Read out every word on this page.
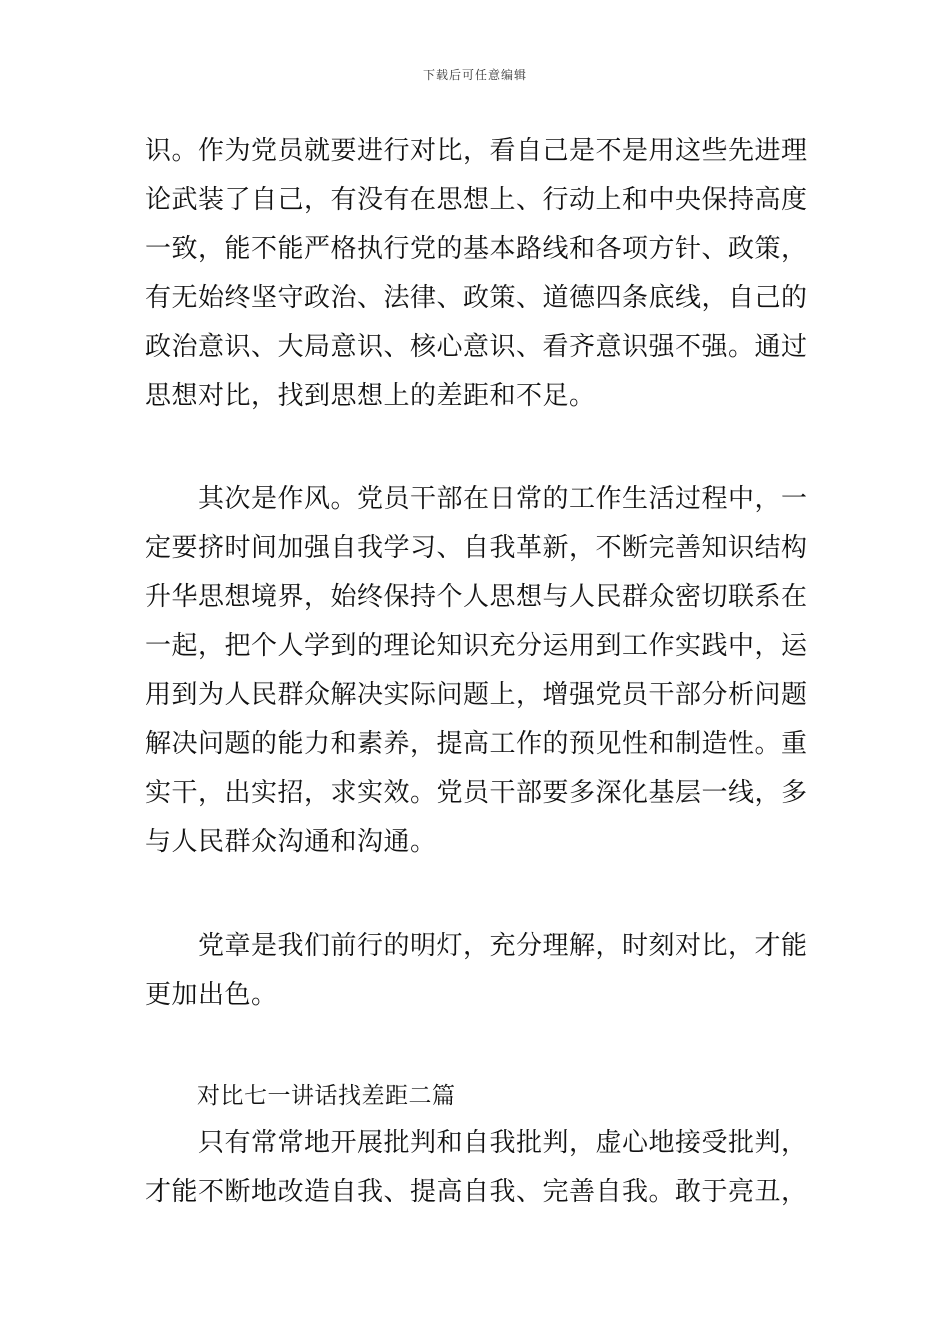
下载后可任意编辑
识。作为党员就要进行对比，看自己是不是用这些先进理
论武装了自己，有没有在思想上、行动上和中央保持高度
一致，能不能严格执行党的基本路线和各项方针、政策，
有无始终坚守政治、法律、政策、道德四条底线，自己的
政治意识、大局意识、核心意识、看齐意识强不强。通过
思想对比，找到思想上的差距和不足。
　　其次是作风。党员干部在日常的工作生活过程中，一
定要挤时间加强自我学习、自我革新，不断完善知识结构
升华思想境界，始终保持个人思想与人民群众密切联系在
一起，把个人学到的理论知识充分运用到工作实践中，运
用到为人民群众解决实际问题上，增强党员干部分析问题
解决问题的能力和素养，提高工作的预见性和制造性。重
实干，出实招，求实效。党员干部要多深化基层一线，多
与人民群众沟通和沟通。
　　党章是我们前行的明灯，充分理解，时刻对比，才能
更加出色。
对比七一讲话找差距二篇
　　只有常常地开展批判和自我批判，虚心地接受批判，
才能不断地改造自我、提高自我、完善自我。敢于亮丑，
